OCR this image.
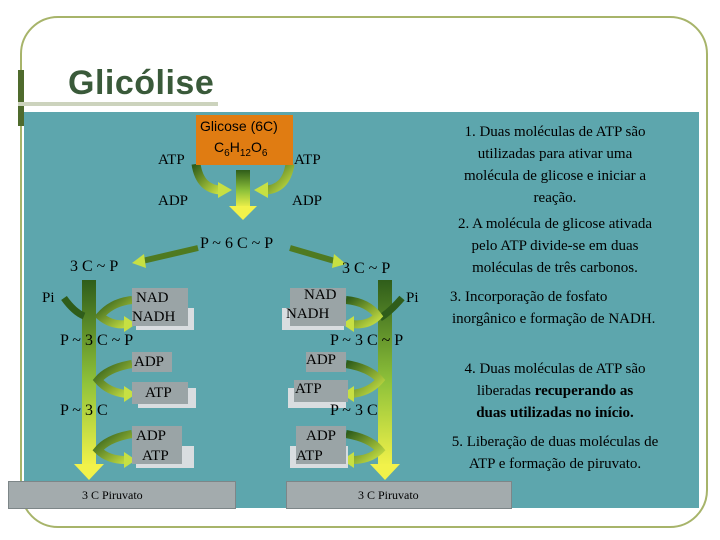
Glicólise
Glicose (6C)
$C_6H_{12}O_6$
ATP	ATP
ADP	ADP
P ~ 6 C ~ P
3 C ~ P	3 C ~ P
Pi	NAD
NADH
P ~ 3 C ~ P
ADP
ATP
P ~ 3 C
ADP
ATP
3 C Piruvato
NAD
NADH
Pi
P ~ 3 C ~ P
ADP
ATP
P ~ 3 C
ADP
ATP
3 C Piruvato
1. Duas moléculas de ATP são
utilizadas para ativar uma
molécula de glicose e iniciar a
reação.
2. A molécula de glicose ativada
pelo ATP divide-se em duas
moléculas de três carbonos.
3. Incorporação de fosfato
inorgânico e formação de NADH.
4. Duas moléculas de ATP são
liberadas recuperando as
duas utilizadas no início.
5. Liberação de duas moléculas de
ATP e formação de piruvato.
